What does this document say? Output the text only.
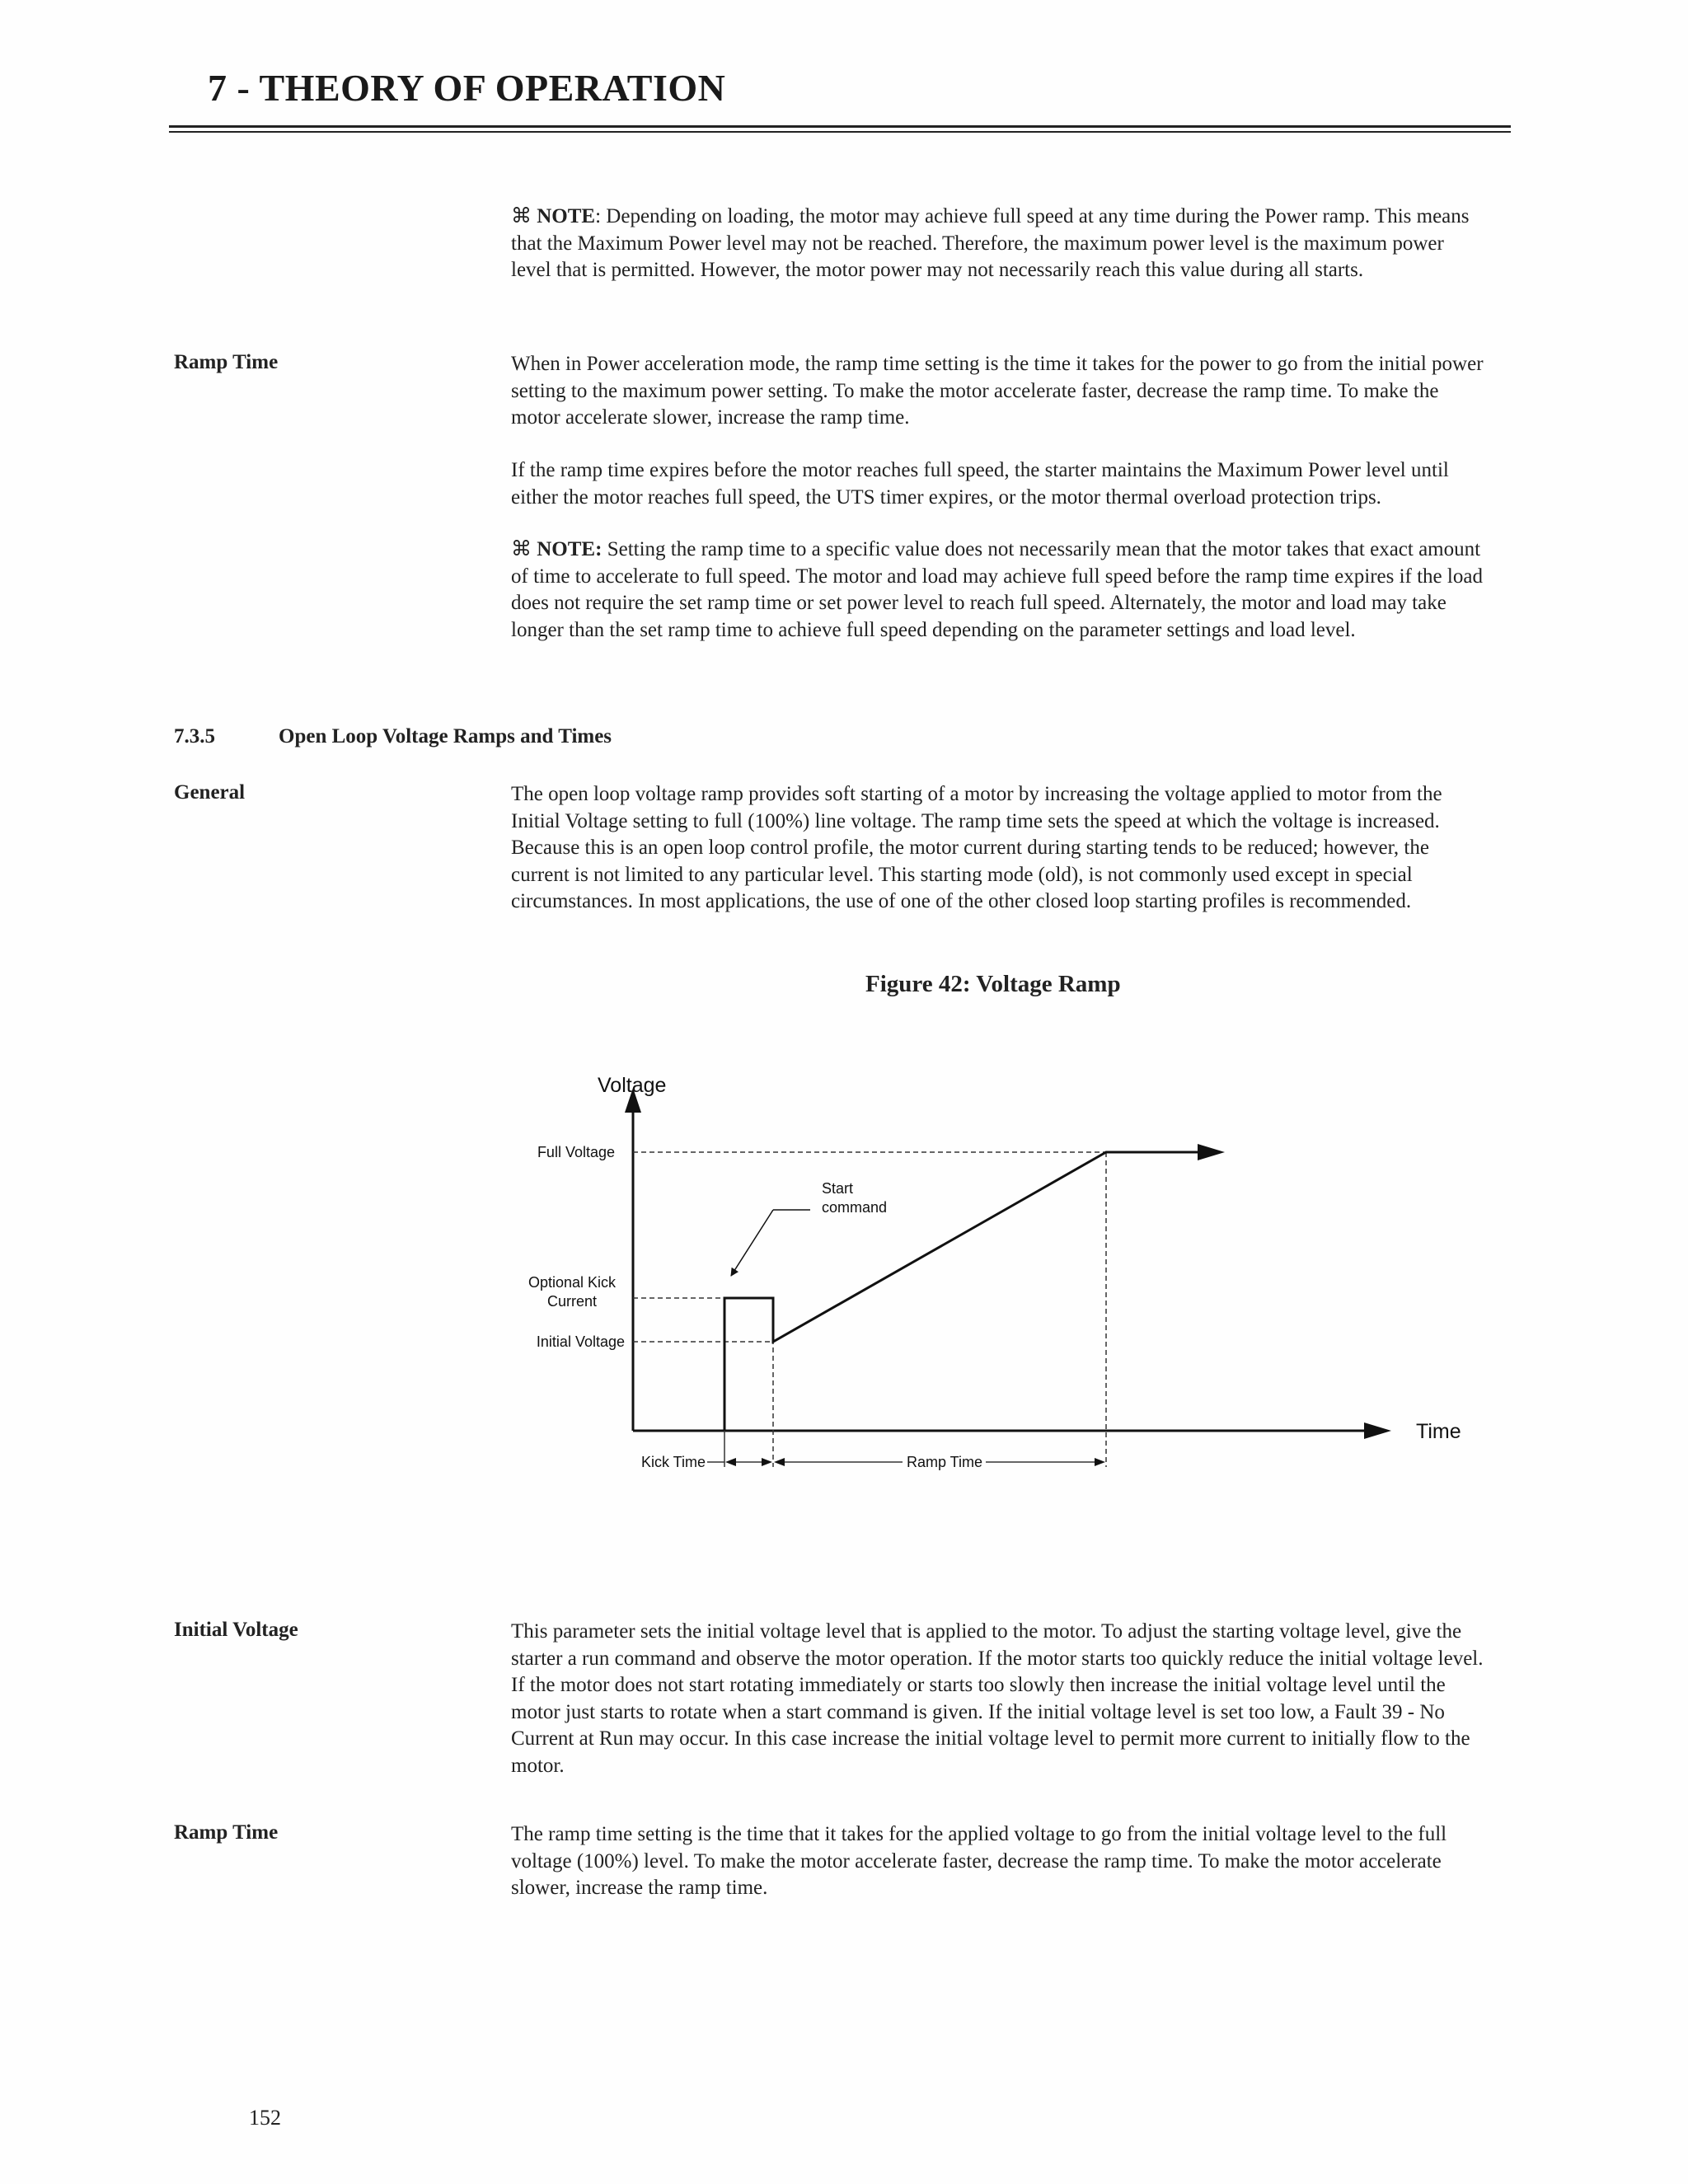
7 - THEORY OF OPERATION

⌘ NOTE: Depending on loading, the motor may achieve full speed at any time during the Power ramp. This means that the Maximum Power level may not be reached. Therefore, the maximum power level is the maximum power level that is permitted. However, the motor power may not necessarily reach this value during all starts.

Ramp Time	When in Power acceleration mode, the ramp time setting is the time it takes for the power to go from the initial power setting to the maximum power setting. To make the motor accelerate faster, decrease the ramp time. To make the motor accelerate slower, increase the ramp time.

If the ramp time expires before the motor reaches full speed, the starter maintains the Maximum Power level until either the motor reaches full speed, the UTS timer expires, or the motor thermal overload protection trips.

⌘ NOTE: Setting the ramp time to a specific value does not necessarily mean that the motor takes that exact amount of time to accelerate to full speed. The motor and load may achieve full speed before the ramp time expires if the load does not require the set ramp time or set power level to reach full speed. Alternately, the motor and load may take longer than the set ramp time to achieve full speed depending on the parameter settings and load level.

7.3.5	Open Loop Voltage Ramps and Times

General	The open loop voltage ramp provides soft starting of a motor by increasing the voltage applied to motor from the Initial Voltage setting to full (100%) line voltage. The ramp time sets the speed at which the voltage is increased. Because this is an open loop control profile, the motor current during starting tends to be reduced; however, the current is not limited to any particular level. This starting mode (old), is not commonly used except in special circumstances. In most applications, the use of one of the other closed loop starting profiles is recommended.

Figure 42: Voltage Ramp

Voltage
Time
Full Voltage
Optional Kick
Current
Initial Voltage
Start
command
Kick Time	Ramp Time

Initial Voltage	This parameter sets the initial voltage level that is applied to the motor. To adjust the starting voltage level, give the starter a run command and observe the motor operation. If the motor starts too quickly reduce the initial voltage level. If the motor does not start rotating immediately or starts too slowly then increase the initial voltage level until the motor just starts to rotate when a start command is given. If the initial voltage level is set too low, a Fault 39 - No Current at Run may occur. In this case increase the initial voltage level to permit more current to initially flow to the motor.

Ramp Time	The ramp time setting is the time that it takes for the applied voltage to go from the initial voltage level to the full voltage (100%) level. To make the motor accelerate faster, decrease the ramp time. To make the motor accelerate slower, increase the ramp time.

152
